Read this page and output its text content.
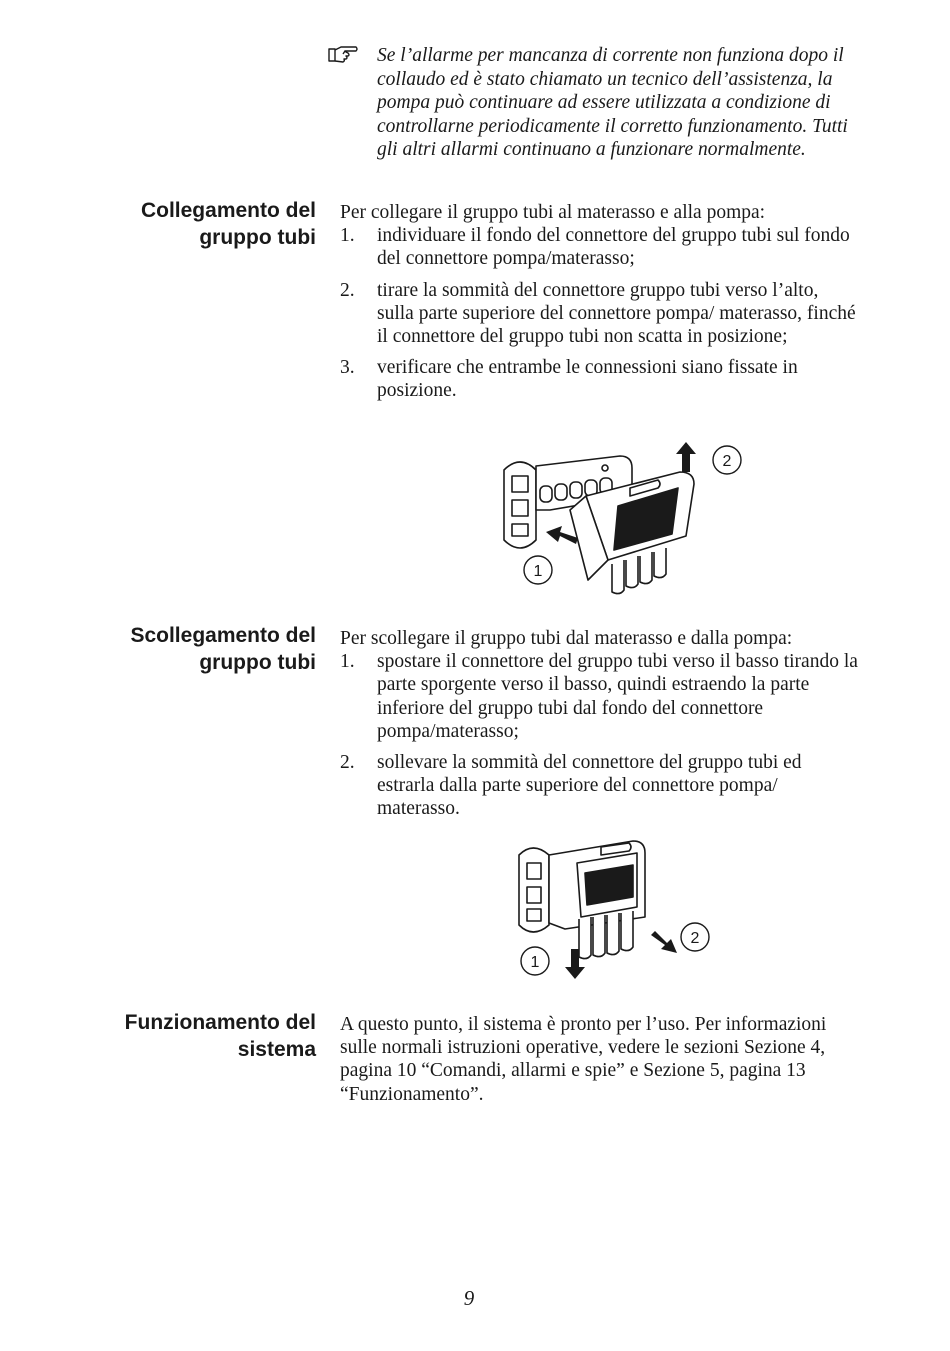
Se l’allarme per mancanza di corrente non funziona dopo il collaudo ed è stato chiamato un tecnico dell’assistenza, la pompa può continuare ad essere utilizzata a condizione di controllarne periodicamente il corretto funzionamento. Tutti gli altri allarmi continuano a funzionare normalmente.
Collegamento del
gruppo tubi
Per collegare il gruppo tubi al materasso e alla pompa:
1. individuare il fondo del connettore del gruppo tubi sul fondo del connettore pompa/materasso;
2. tirare la sommità del connettore gruppo tubi verso l’alto, sulla parte superiore del connettore pompa/ materasso, finché il connettore del gruppo tubi non scatta in posizione;
3. verificare che entrambe le connessioni siano fissate in posizione.
2
1
Scollegamento del
gruppo tubi
Per scollegare il gruppo tubi dal materasso e dalla pompa:
1. spostare il connettore del gruppo tubi verso il basso tirando la parte sporgente verso il basso, quindi estraendo la parte inferiore del gruppo tubi dal fondo del connettore pompa/materasso;
2. sollevare la sommità del connettore del gruppo tubi ed estrarla dalla parte superiore del connettore pompa/ materasso.
2
1
Funzionamento del
sistema
A questo punto, il sistema è pronto per l’uso. Per informazioni sulle normali istruzioni operative, vedere le sezioni Sezione 4, pagina 10 “Comandi, allarmi e spie” e Sezione 5, pagina 13 “Funzionamento”.
9
